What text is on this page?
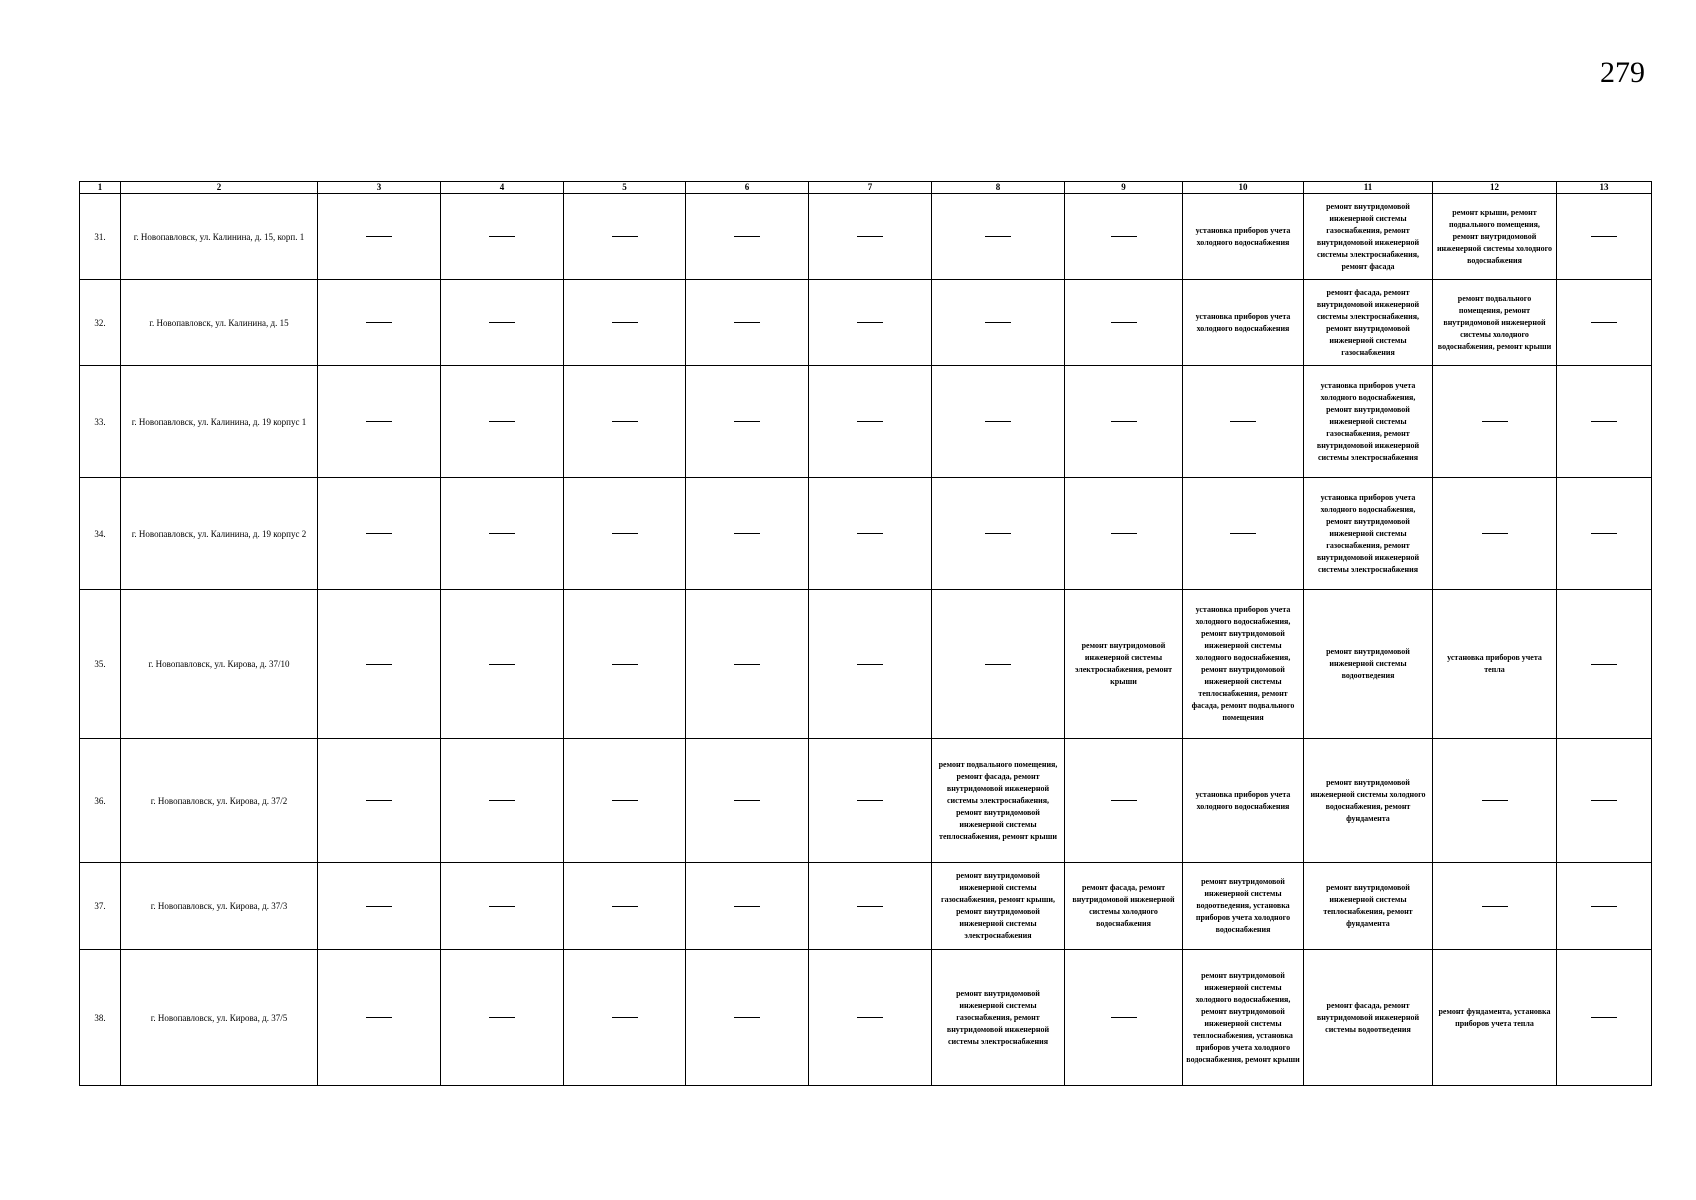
279
1	2	3	4	5	6	7	8	9	10	11	12	13
31.	г. Новопавловск, ул. Калинина, д. 15, корп. 1								установка приборов учета холодного водоснабжения	ремонт внутридомовой инженерной системы газоснабжения, ремонт внутридомовой инженерной системы электроснабжения, ремонт фасада	ремонт крыши, ремонт подвального помещения, ремонт внутридомовой инженерной системы холодного водоснабжения	
32.	г. Новопавловск, ул. Калинина, д. 15								установка приборов учета холодного водоснабжения	ремонт фасада, ремонт внутридомовой инженерной системы электроснабжения, ремонт внутридомовой инженерной системы газоснабжения	ремонт подвального помещения, ремонт внутридомовой инженерной системы холодного водоснабжения, ремонт крыши	
33.	г. Новопавловск, ул. Калинина, д. 19 корпус 1									установка приборов учета холодного водоснабжения, ремонт внутридомовой инженерной системы газоснабжения, ремонт внутридомовой инженерной системы электроснабжения		
34.	г. Новопавловск, ул. Калинина, д. 19 корпус 2									установка приборов учета холодного водоснабжения, ремонт внутридомовой инженерной системы газоснабжения, ремонт внутридомовой инженерной системы электроснабжения		
35.	г. Новопавловск, ул. Кирова, д. 37/10							ремонт внутридомовой инженерной системы электроснабжения, ремонт крыши	установка приборов учета холодного водоснабжения, ремонт внутридомовой инженерной системы холодного водоснабжения, ремонт внутридомовой инженерной системы теплоснабжения, ремонт фасада, ремонт подвального помещения	ремонт внутридомовой инженерной системы водоотведения	установка приборов учета тепла	
36.	г. Новопавловск, ул. Кирова, д. 37/2						ремонт подвального помещения, ремонт фасада, ремонт внутридомовой инженерной системы электроснабжения, ремонт внутридомовой инженерной системы теплоснабжения, ремонт крыши		установка приборов учета холодного водоснабжения	ремонт внутридомовой инженерной системы холодного водоснабжения, ремонт фундамента		
37.	г. Новопавловск, ул. Кирова, д. 37/3						ремонт внутридомовой инженерной системы газоснабжения, ремонт крыши, ремонт внутридомовой инженерной системы электроснабжения	ремонт фасада, ремонт внутридомовой инженерной системы холодного водоснабжения	ремонт внутридомовой инженерной системы водоотведения, установка приборов учета холодного водоснабжения	ремонт внутридомовой инженерной системы теплоснабжения, ремонт фундамента		
38.	г. Новопавловск, ул. Кирова, д. 37/5						ремонт внутридомовой инженерной системы газоснабжения, ремонт внутридомовой инженерной системы электроснабжения		ремонт внутридомовой инженерной системы холодного водоснабжения, ремонт внутридомовой инженерной системы теплоснабжения, установка приборов учета холодного водоснабжения, ремонт крыши	ремонт фасада, ремонт внутридомовой инженерной системы водоотведения	ремонт фундамента, установка приборов учета тепла	
